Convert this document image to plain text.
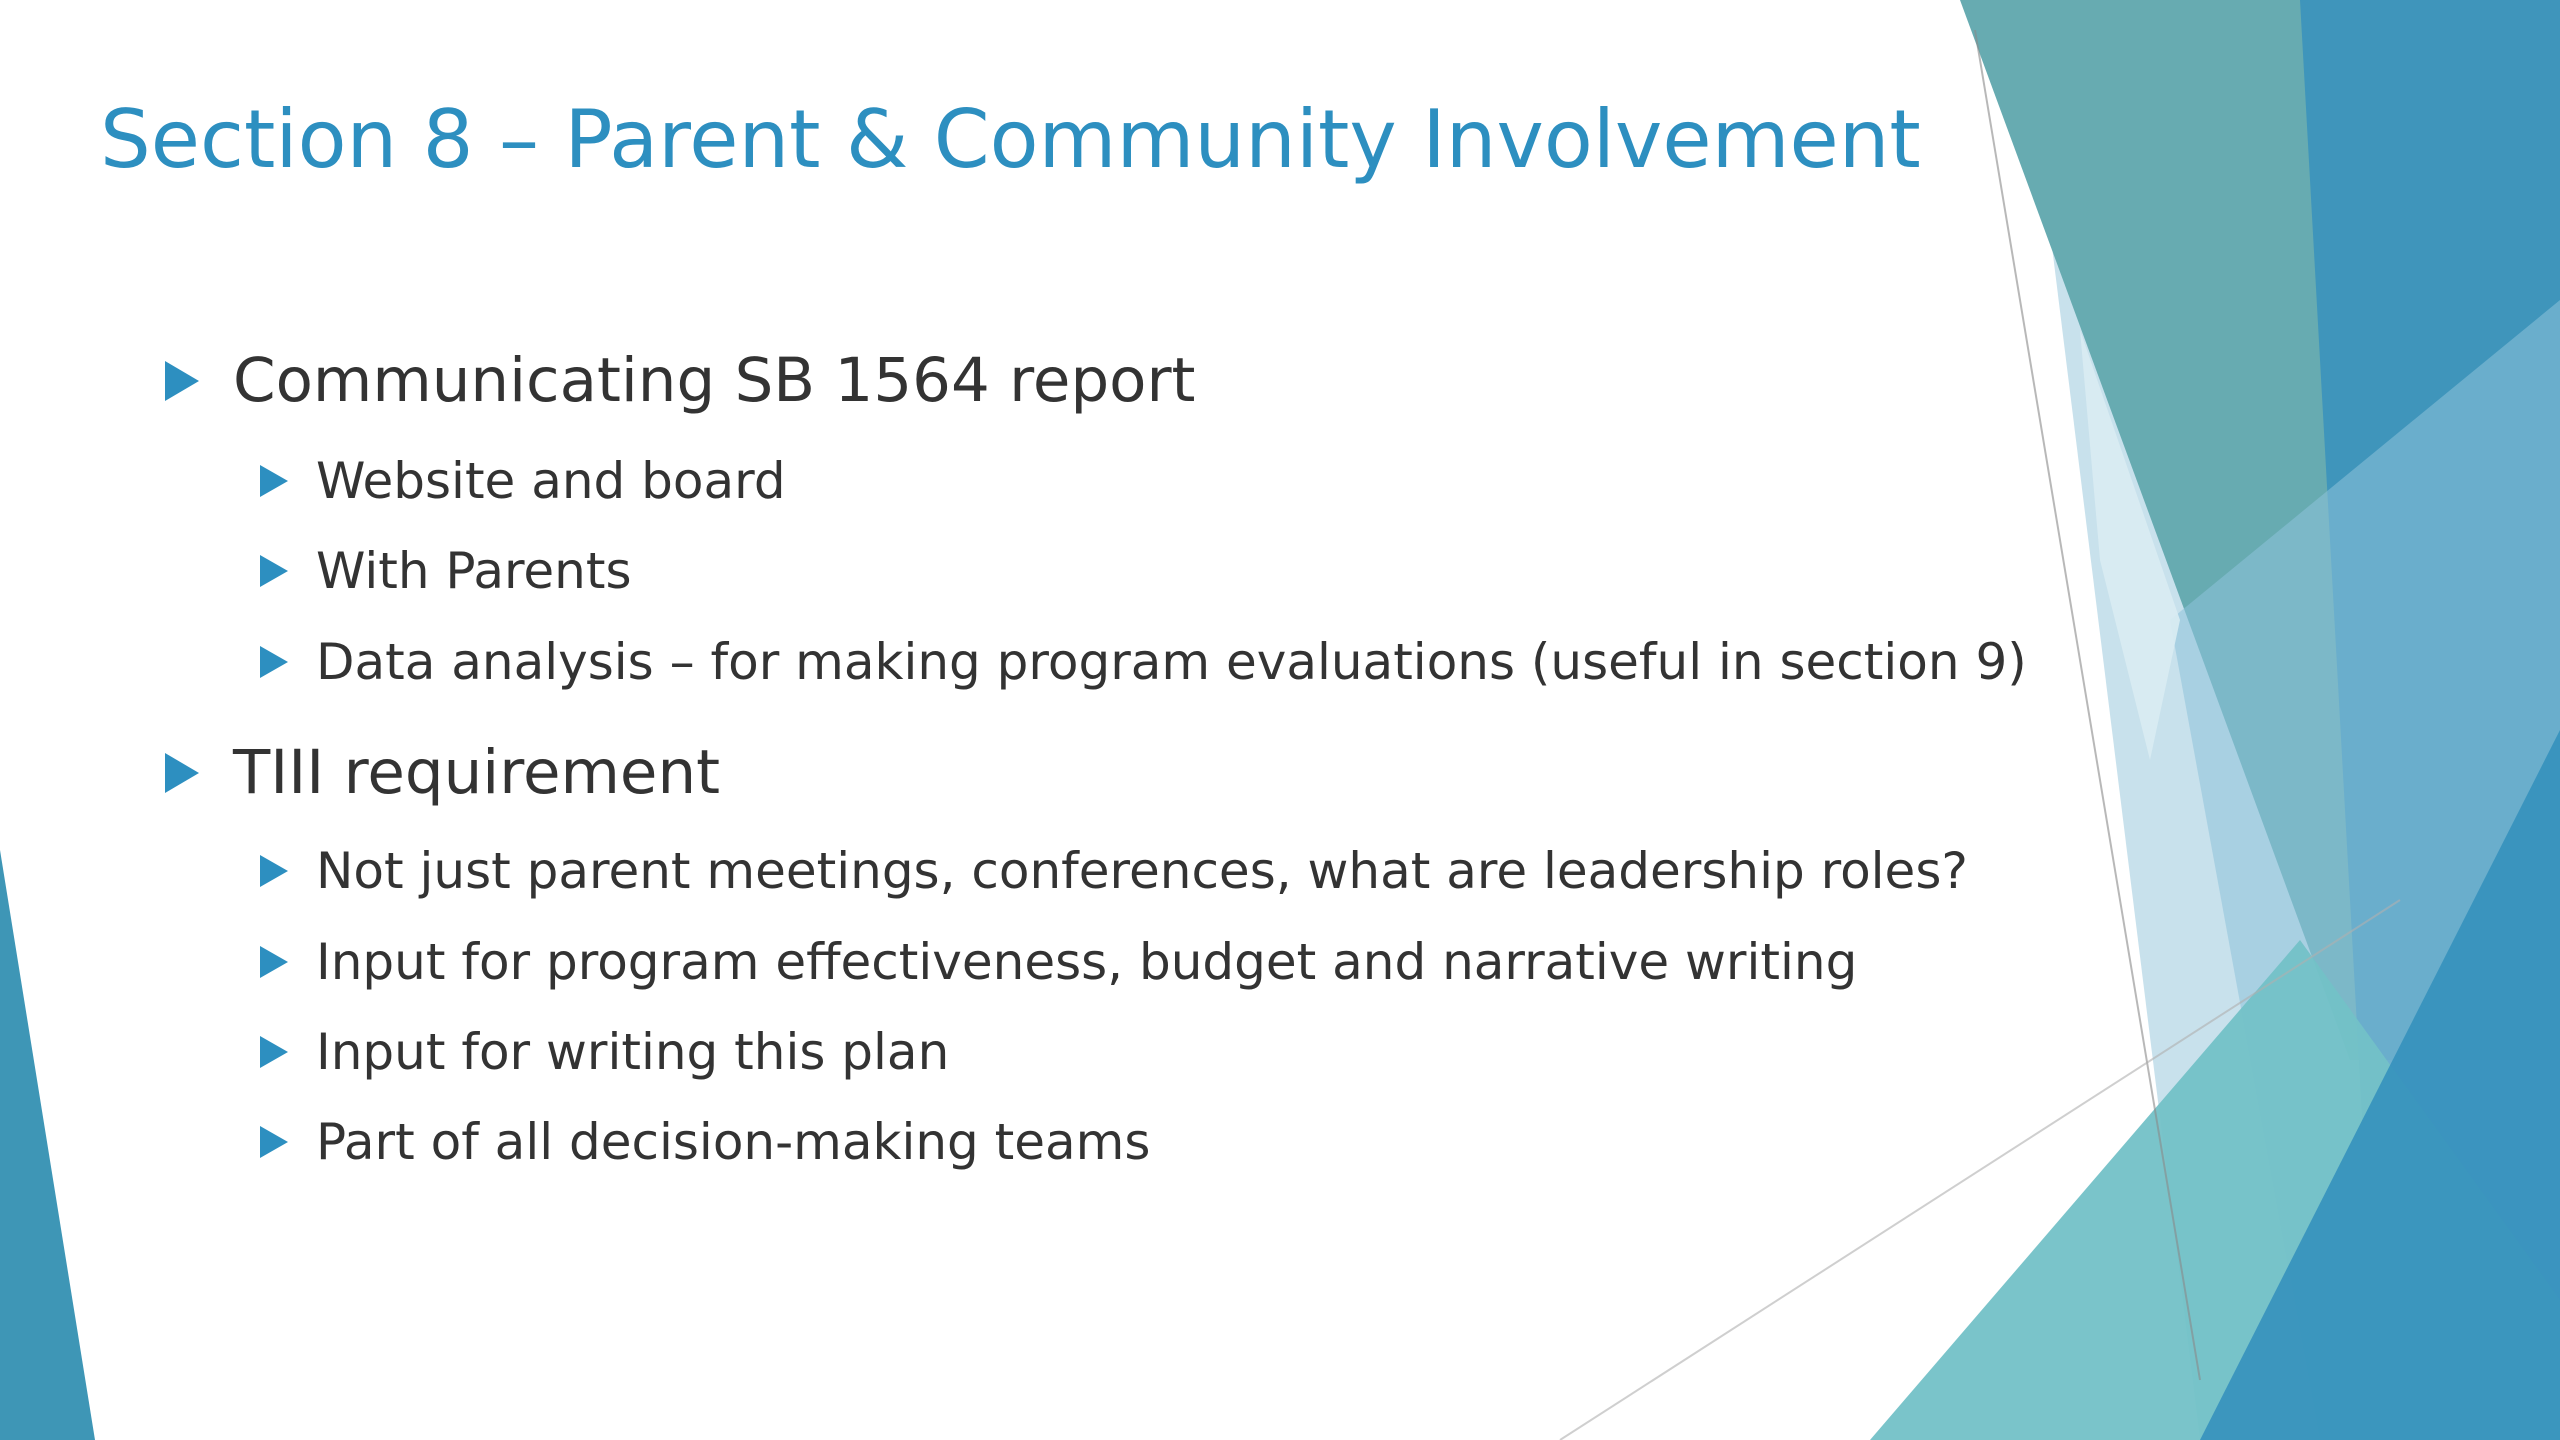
Section 8 – Parent & Community Involvement
Communicating SB 1564 report
Website and board
With Parents
Data analysis – for making program evaluations (useful in section 9)
TIII requirement
Not just parent meetings, conferences, what are leadership roles?
Input for program effectiveness, budget and narrative writing
Input for writing this plan
Part of all decision-making teams
